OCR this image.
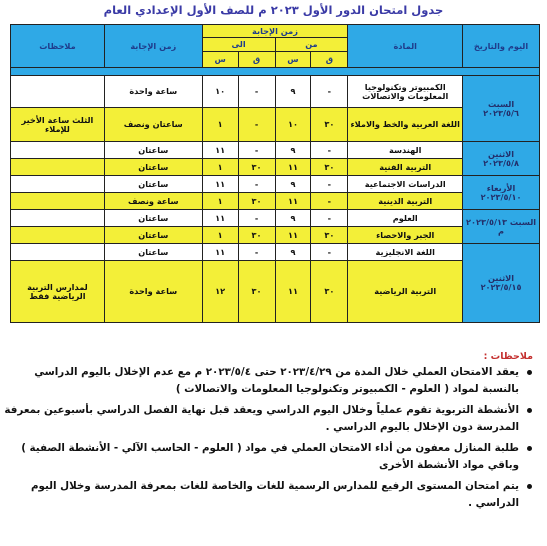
جدول امتحان الدور الأول ٢٠٢٣ م للصف الأول الإعدادي العام
اليوم والتاريخ	المادة	زمن الإجابة				زمن الإجابة	ملاحظات
		من		الى			
		ق	س	ق	س		

السبت
٢٠٢٣/٥/٦	الكمبيوتر وتكنولوجيا المعلومات والاتصالات	-	٩	-	١٠	ساعة واحدة	
	اللغة العربية والخط والاملاء	٣٠	١٠	-	١	ساعتان ونصف	الثلث ساعة الأخير للإملاء
الاثنين
٢٠٢٣/٥/٨	الهندسة	-	٩	-	١١	ساعتان	
	التربية الفنية	٣٠	١١	٣٠	١	ساعتان	
الأربعاء
٢٠٢٣/٥/١٠	الدراسات الاجتماعية	-	٩	-	١١	ساعتان	
	التربية الدينية	-	١١	٣٠	١	ساعة ونصف	
السبت ٢٠٢٣/٥/١٣ م	العلوم	-	٩	-	١١	ساعتان	
	الجبر والاحصاء	٣٠	١١	٣٠	١	ساعتان	
الاثنين
٢٠٢٣/٥/١٥	اللغة الانجليزية	-	٩	-	١١	ساعتان	
	التربية الرياضية	٣٠	١١	٣٠	١٢	ساعة واحدة	لمدارس التربية الرياضية فقط
ملاحظات :
يعقد الامتحان العملي خلال المدة من ٢٠٢٣/٤/٢٩ حتى ٢٠٢٣/٥/٤ م مع عدم الإخلال باليوم الدراسي بالنسبة لمواد ( العلوم - الكمبيوتر وتكنولوجيا المعلومات والاتصالات )
الأنشطة التربوية تقوم عملياً وخلال اليوم الدراسي ويعقد قبل نهاية الفصل الدراسي بأسبوعين بمعرفة المدرسة دون الإخلال باليوم الدراسي .
طلبة المنازل معفون من أداء الامتحان العملي في مواد ( العلوم - الحاسب الآلي - الأنشطة الصفية ) وباقي مواد الأنشطة الأخرى
يتم امتحان المستوى الرفيع للمدارس الرسمية للغات والخاصة للغات بمعرفة المدرسة وخلال اليوم الدراسي .
